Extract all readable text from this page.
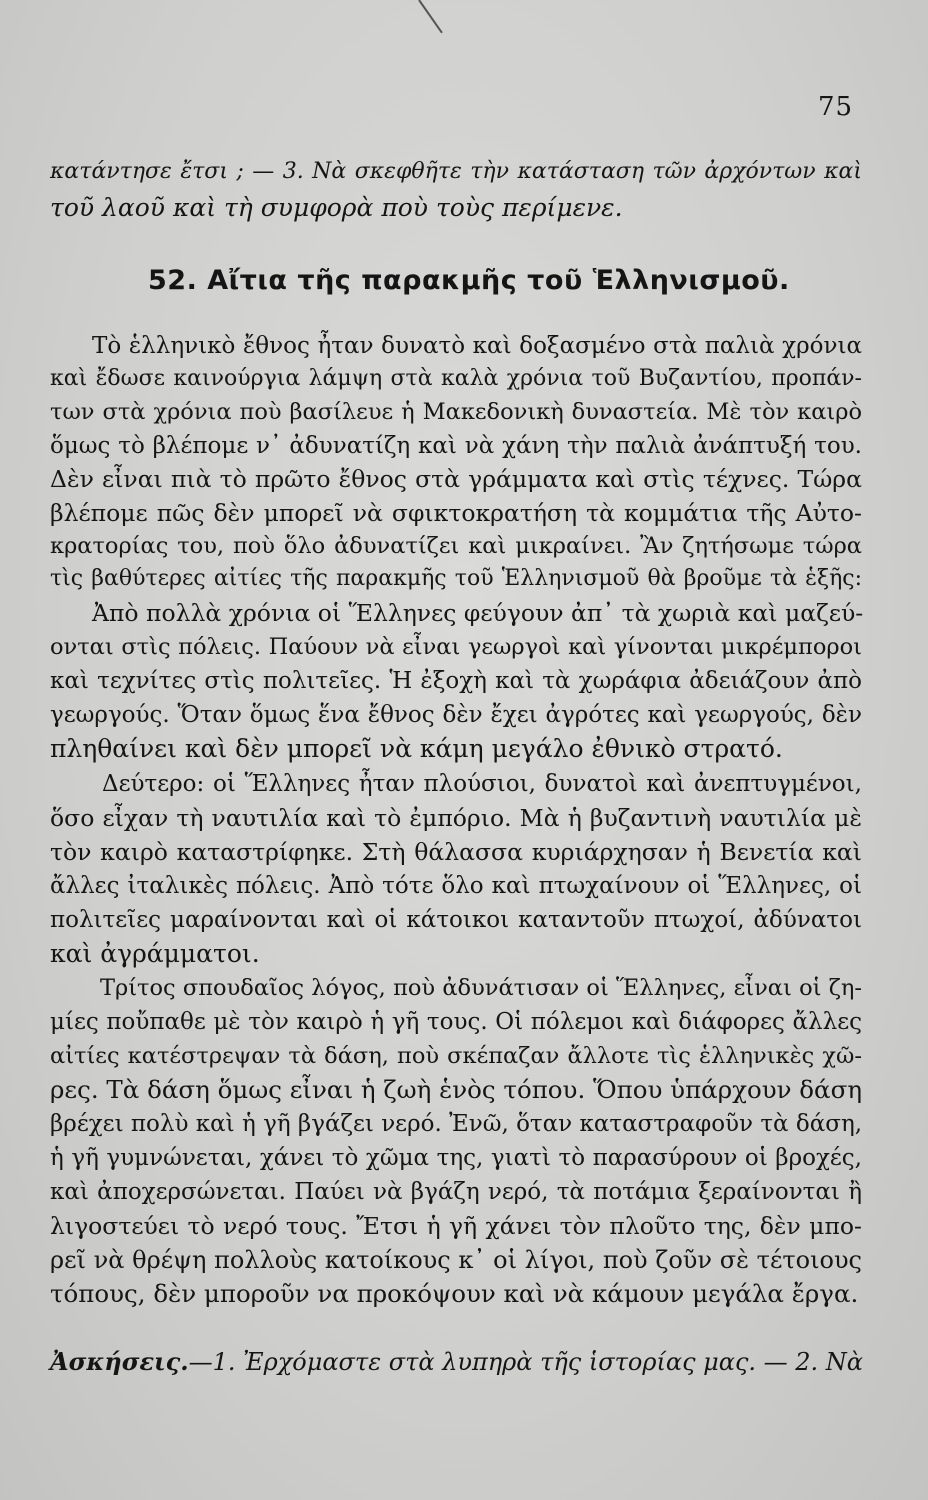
75
κατάντησε ἔτσι ; — 3. Νὰ σκεφθῆτε τὴν κατάσταση τῶν ἀρχόντων καὶ
τοῦ λαοῦ καὶ τὴ συμφορὰ ποὺ τοὺς περίμενε.
52. Αἴτια τῆς παρακμῆς τοῦ Ἑλληνισμοῦ.
Τὸ ἑλληνικὸ ἔθνος ἦταν δυνατὸ καὶ δοξασμένο στὰ παλιὰ χρόνια
καὶ ἔδωσε καινούργια λάμψη στὰ καλὰ χρόνια τοῦ Βυζαντίου, προπάν-
των στὰ χρόνια ποὺ βασίλευε ἡ Μακεδονικὴ δυναστεία. Μὲ τὸν καιρὸ
ὅμως τὸ βλέπομε ν᾽ ἀδυνατίζη καὶ νὰ χάνη τὴν παλιὰ ἀνάπτυξή του.
Δὲν εἶναι πιὰ τὸ πρῶτο ἔθνος στὰ γράμματα καὶ στὶς τέχνες. Τώρα
βλέπομε πῶς δὲν μπορεῖ νὰ σφικτοκρατήση τὰ κομμάτια τῆς Αὐτο-
κρατορίας του, ποὺ ὅλο ἀδυνατίζει καὶ μικραίνει. Ἂν ζητήσωμε τώρα
τὶς βαθύτερες αἰτίες τῆς παρακμῆς τοῦ Ἑλληνισμοῦ θὰ βροῦμε τὰ ἑξῆς:
Ἀπὸ πολλὰ χρόνια οἱ Ἕλληνες φεύγουν ἀπ᾽ τὰ χωριὰ καὶ μαζεύ-
ονται στὶς πόλεις. Παύουν νὰ εἶναι γεωργοὶ καὶ γίνονται μικρέμποροι
καὶ τεχνίτες στὶς πολιτεῖες. Ἡ ἐξοχὴ καὶ τὰ χωράφια ἀδειάζουν ἀπὸ
γεωργούς. Ὅταν ὅμως ἕνα ἔθνος δὲν ἔχει ἀγρότες καὶ γεωργούς, δὲν
πληθαίνει καὶ δὲν μπορεῖ νὰ κάμη μεγάλο ἐθνικὸ στρατό.
Δεύτερο: οἱ Ἕλληνες ἦταν πλούσιοι, δυνατοὶ καὶ ἀνεπτυγμένοι,
ὅσο εἶχαν τὴ ναυτιλία καὶ τὸ ἐμπόριο. Μὰ ἡ βυζαντινὴ ναυτιλία μὲ
τὸν καιρὸ καταστρίφηκε. Στὴ θάλασσα κυριάρχησαν ἡ Βενετία καὶ
ἄλλες ἰταλικὲς πόλεις. Ἀπὸ τότε ὅλο καὶ πτωχαίνουν οἱ Ἕλληνες, οἱ
πολιτεῖες μαραίνονται καὶ οἱ κάτοικοι καταντοῦν πτωχοί, ἀδύνατοι
καὶ ἀγράμματοι.
Τρίτος σπουδαῖος λόγος, ποὺ ἀδυνάτισαν οἱ Ἕλληνες, εἶναι οἱ ζη-
μίες ποὔπαθε μὲ τὸν καιρὸ ἡ γῆ τους. Οἱ πόλεμοι καὶ διάφορες ἄλλες
αἰτίες κατέστρεψαν τὰ δάση, ποὺ σκέπαζαν ἄλλοτε τὶς ἑλληνικὲς χῶ-
ρες. Τὰ δάση ὅμως εἶναι ἡ ζωὴ ἑνὸς τόπου. Ὅπου ὑπάρχουν δάση
βρέχει πολὺ καὶ ἡ γῆ βγάζει νερό. Ἐνῶ, ὅταν καταστραφοῦν τὰ δάση,
ἡ γῆ γυμνώνεται, χάνει τὸ χῶμα της, γιατὶ τὸ παρασύρουν οἱ βροχές,
καὶ ἀποχερσώνεται. Παύει νὰ βγάζη νερό, τὰ ποτάμια ξεραίνονται ἢ
λιγοστεύει τὸ νερό τους. Ἔτσι ἡ γῆ χάνει τὸν πλοῦτο της, δὲν μπο-
ρεῖ νὰ θρέψη πολλοὺς κατοίκους κ᾽ οἱ λίγοι, ποὺ ζοῦν σὲ τέτοιους
τόπους, δὲν μποροῦν να προκόψουν καὶ νὰ κάμουν μεγάλα ἔργα.
Ἀσκήσεις.—1. Ἐρχόμαστε στὰ λυπηρὰ τῆς ἱστορίας μας. — 2. Νὰ
